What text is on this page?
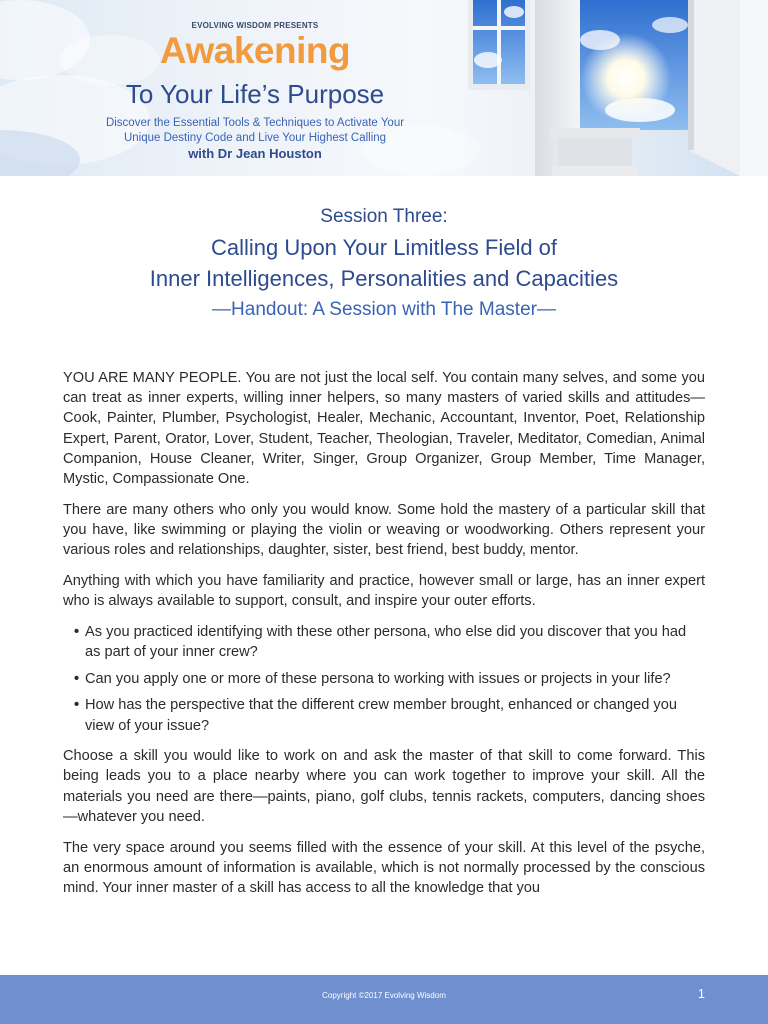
EVOLVING WISDOM PRESENTS
Awakening
To Your Life’s Purpose
Discover the Essential Tools & Techniques to Activate Your
Unique Destiny Code and Live Your Highest Calling
with Dr Jean Houston
Session Three:
Calling Upon Your Limitless Field of
Inner Intelligences, Personalities and Capacities
—Handout: A Session with The Master—

YOU ARE MANY PEOPLE. You are not just the local self. You contain many selves, and some you can treat as inner experts, willing inner helpers, so many masters of varied skills and attitudes—Cook, Painter, Plumber, Psychologist, Healer, Mechanic, Accountant, Inventor, Poet, Relationship Expert, Parent, Orator, Lover, Student, Teacher, Theologian, Traveler, Meditator, Comedian, Animal Companion, House Cleaner, Writer, Singer, Group Organizer, Group Member, Time Manager, Mystic, Compassionate One.

There are many others who only you would know. Some hold the mastery of a particular skill that you have, like swimming or playing the violin or weaving or woodworking. Others represent your various roles and relationships, daughter, sister, best friend, best buddy, mentor.

Anything with which you have familiarity and practice, however small or large, has an inner expert who is always available to support, consult, and inspire your outer efforts.

• As you practiced identifying with these other persona, who else did you discover that you had as part of your inner crew?
• Can you apply one or more of these persona to working with issues or projects in your life?
• How has the perspective that the different crew member brought, enhanced or changed you view of your issue?

Choose a skill you would like to work on and ask the master of that skill to come forward. This being leads you to a place nearby where you can work together to improve your skill. All the materials you need are there—paints, piano, golf clubs, tennis rackets, computers, dancing shoes—whatever you need.

The very space around you seems filled with the essence of your skill. At this level of the psyche, an enormous amount of information is available, which is not normally processed by the conscious mind. Your inner master of a skill has access to all the knowledge that you

Copyright ©2017 Evolving Wisdom	1
